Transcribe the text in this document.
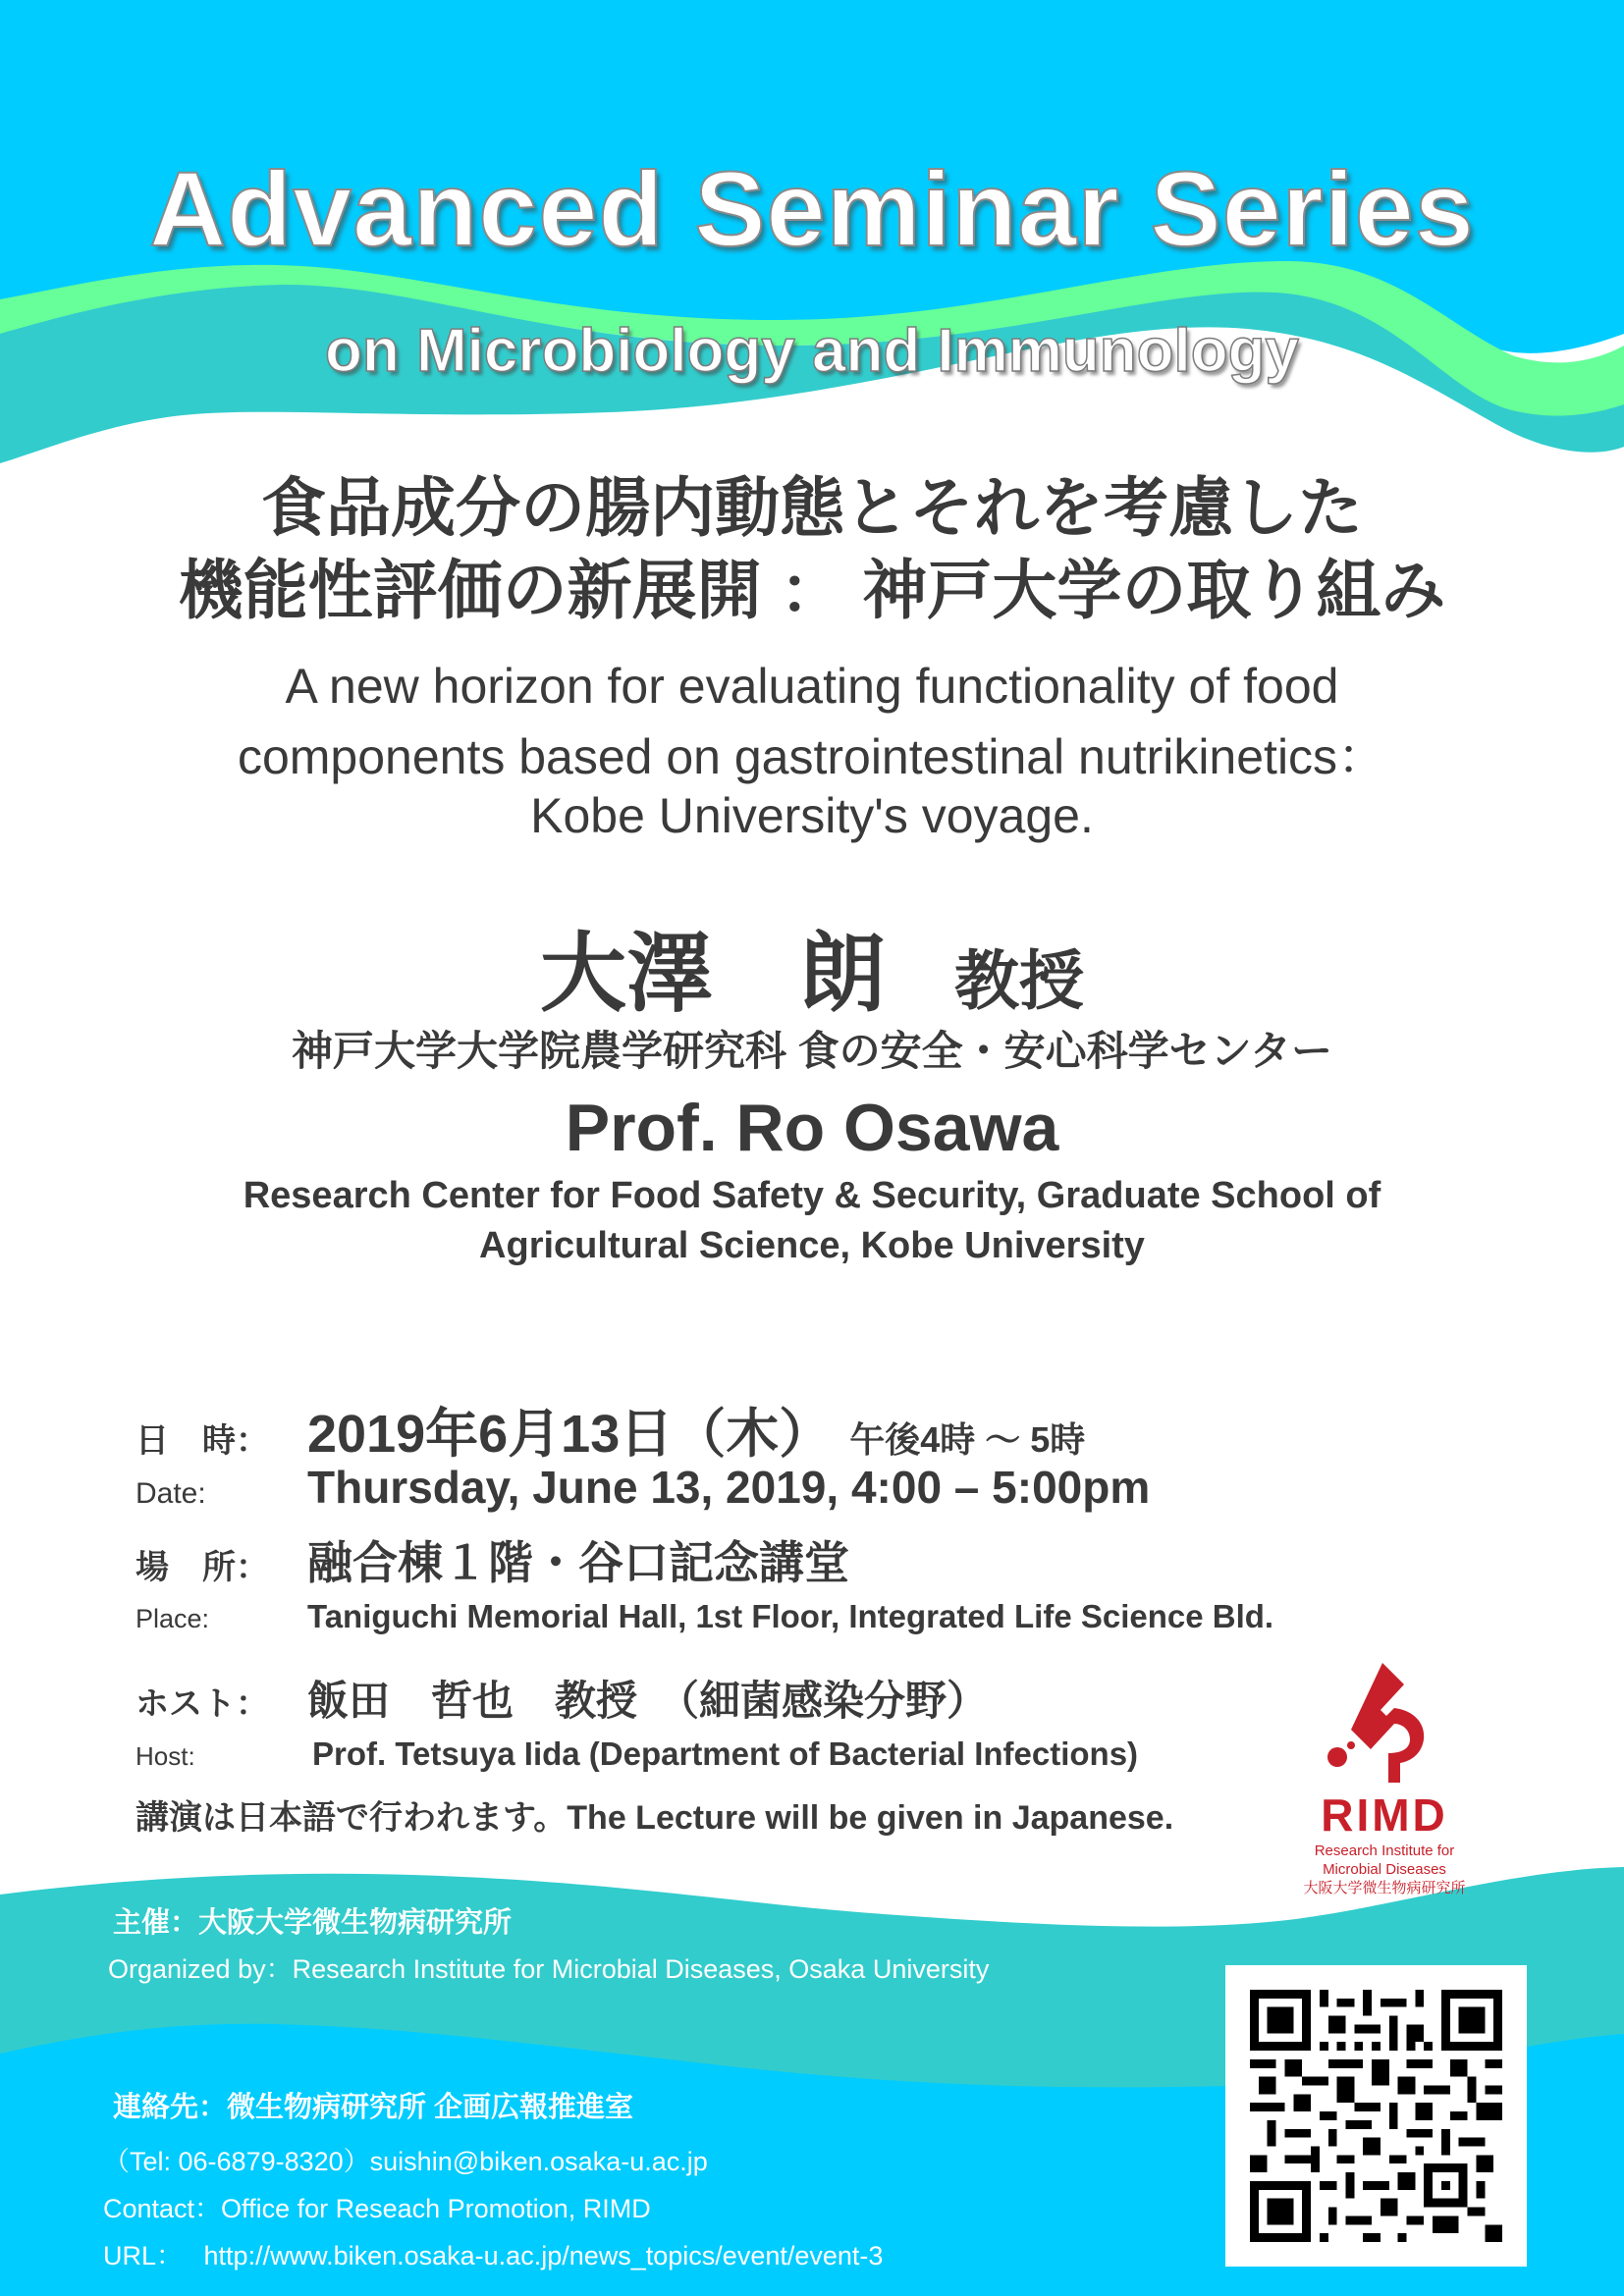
Advanced Seminar Series
on Microbiology and Immunology
食品成分の腸内動態とそれを考慮した
機能性評価の新展開 ： 神戸大学の取り組み
A new horizon for evaluating functionality of food
components based on gastrointestinal nutrikinetics：
Kobe University's voyage.
大澤　朗 教授
神戸大学大学院農学研究科 食の安全・安心科学センター
Prof. Ro Osawa
Research Center for Food Safety & Security, Graduate School of
Agricultural Science, Kobe University
日　時： 2019年6月13日（木） 午後4時 ～ 5時
Date:	Thursday, June 13, 2019, 4:00 – 5:00pm
場　所： 融合棟１階・谷口記念講堂
Place:	Taniguchi Memorial Hall, 1st Floor, Integrated Life Science Bld.
ホスト： 飯田　哲也　教授　（細菌感染分野）
Host:	Prof. Tetsuya Iida (Department of Bacterial Infections)
講演は日本語で行われます。The Lecture will be given in Japanese.	RIMD
Research Institute for
Microbial Diseases
大阪大学微生物病研究所
主催：大阪大学微生物病研究所
Organized by：Research Institute for Microbial Diseases, Osaka University
連絡先：微生物病研究所 企画広報推進室
（Tel: 06-6879-8320）suishin@biken.osaka-u.ac.jp
Contact：Office for Reseach Promotion, RIMD
URL： http://www.biken.osaka-u.ac.jp/news_topics/event/event-3
